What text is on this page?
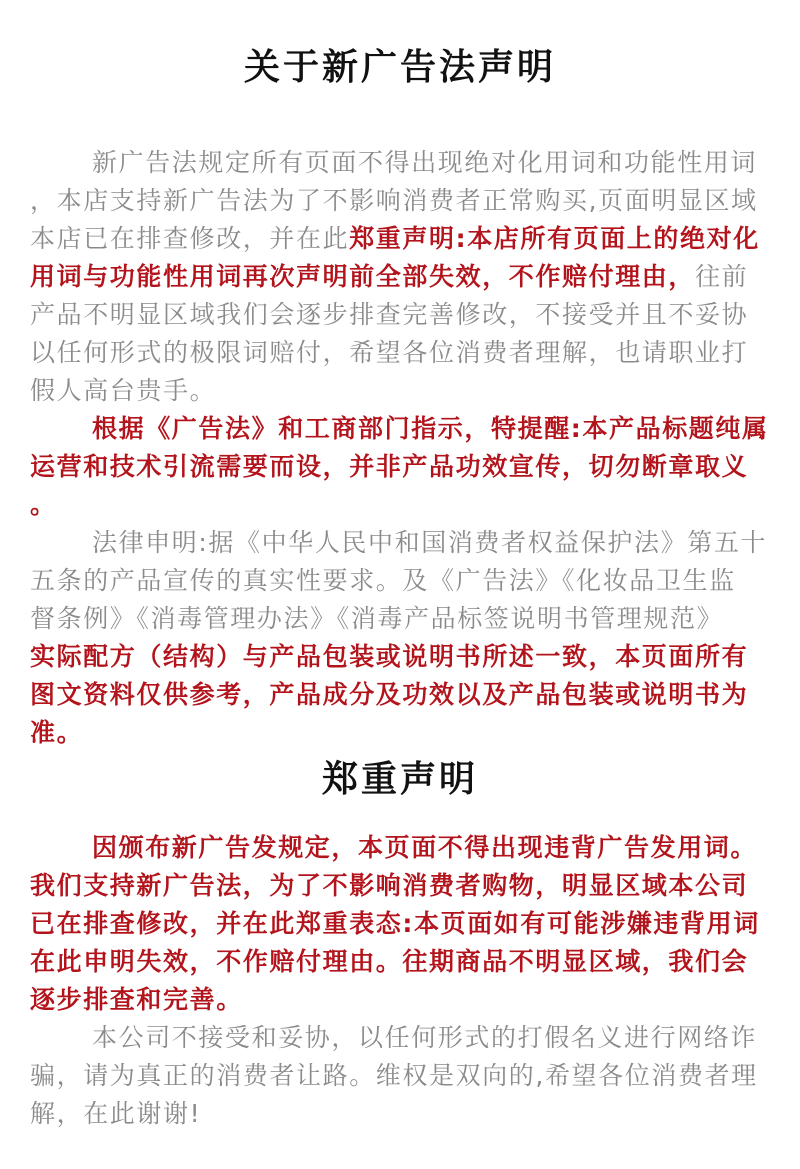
关于新广告法声明
新广告法规定所有页面不得出现绝对化用词和功能性用词
，本店支持新广告法为了不影响消费者正常购买,页面明显区域
本店已在排查修改，并在此郑重声明:本店所有页面上的绝对化
用词与功能性用词再次声明前全部失效，不作赔付理由，往前
产品不明显区域我们会逐步排查完善修改，不接受并且不妥协
以任何形式的极限词赔付，希望各位消费者理解，也请职业打
假人高台贵手。
根据《广告法》和工商部门指示，特提醒:本产品标题纯属
运营和技术引流需要而设，并非产品功效宣传，切勿断章取义
。
法律申明:据《中华人民中和国消费者权益保护法》第五十
五条的产品宣传的真实性要求。及《广告法》《化妆品卫生监
督条例》《消毒管理办法》《消毒产品标签说明书管理规范》
实际配方（结构）与产品包装或说明书所述一致，本页面所有
图文资料仅供参考，产品成分及功效以及产品包装或说明书为
准。
郑重声明
因颁布新广告发规定，本页面不得出现违背广告发用词。
我们支持新广告法，为了不影响消费者购物，明显区域本公司
已在排查修改，并在此郑重表态:本页面如有可能涉嫌违背用词
在此申明失效，不作赔付理由。往期商品不明显区域，我们会
逐步排查和完善。
本公司不接受和妥协，以任何形式的打假名义进行网络诈
骗，请为真正的消费者让路。维权是双向的,希望各位消费者理
解，在此谢谢!
